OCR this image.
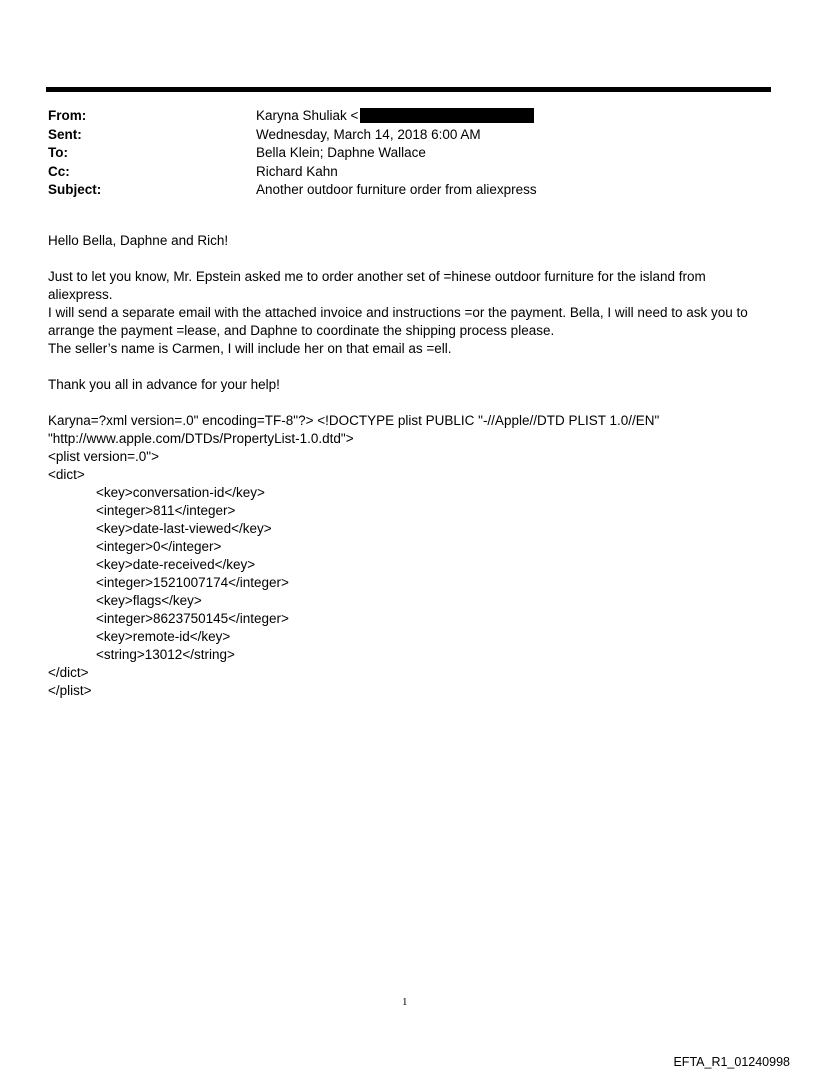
From:	Karyna Shuliak <
Sent:	Wednesday, March 14, 2018 6:00 AM
To:	Bella Klein; Daphne Wallace
Cc:	Richard Kahn
Subject:	Another outdoor furniture order from aliexpress

Hello Bella, Daphne and Rich!

Just to let you know, Mr. Epstein asked me to order another set of =hinese outdoor furniture for the island from
aliexpress.
I will send a separate email with the attached invoice and instructions =or the payment. Bella, I will need to ask you to
arrange the payment =lease, and Daphne to coordinate the shipping process please.
The seller’s name is Carmen, I will include her on that email as =ell.

Thank you all in advance for your help!

Karyna=?xml version=.0" encoding=TF-8"?> <!DOCTYPE plist PUBLIC "-//Apple//DTD PLIST 1.0//EN"
"http://www.apple.com/DTDs/PropertyList-1.0.dtd">
<plist version=.0">
<dict>
<key>conversation-id</key>
<integer>811</integer>
<key>date-last-viewed</key>
<integer>0</integer>
<key>date-received</key>
<integer>1521007174</integer>
<key>flags</key>
<integer>8623750145</integer>
<key>remote-id</key>
<string>13012</string>
</dict>
</plist>

1
EFTA_R1_01240998
